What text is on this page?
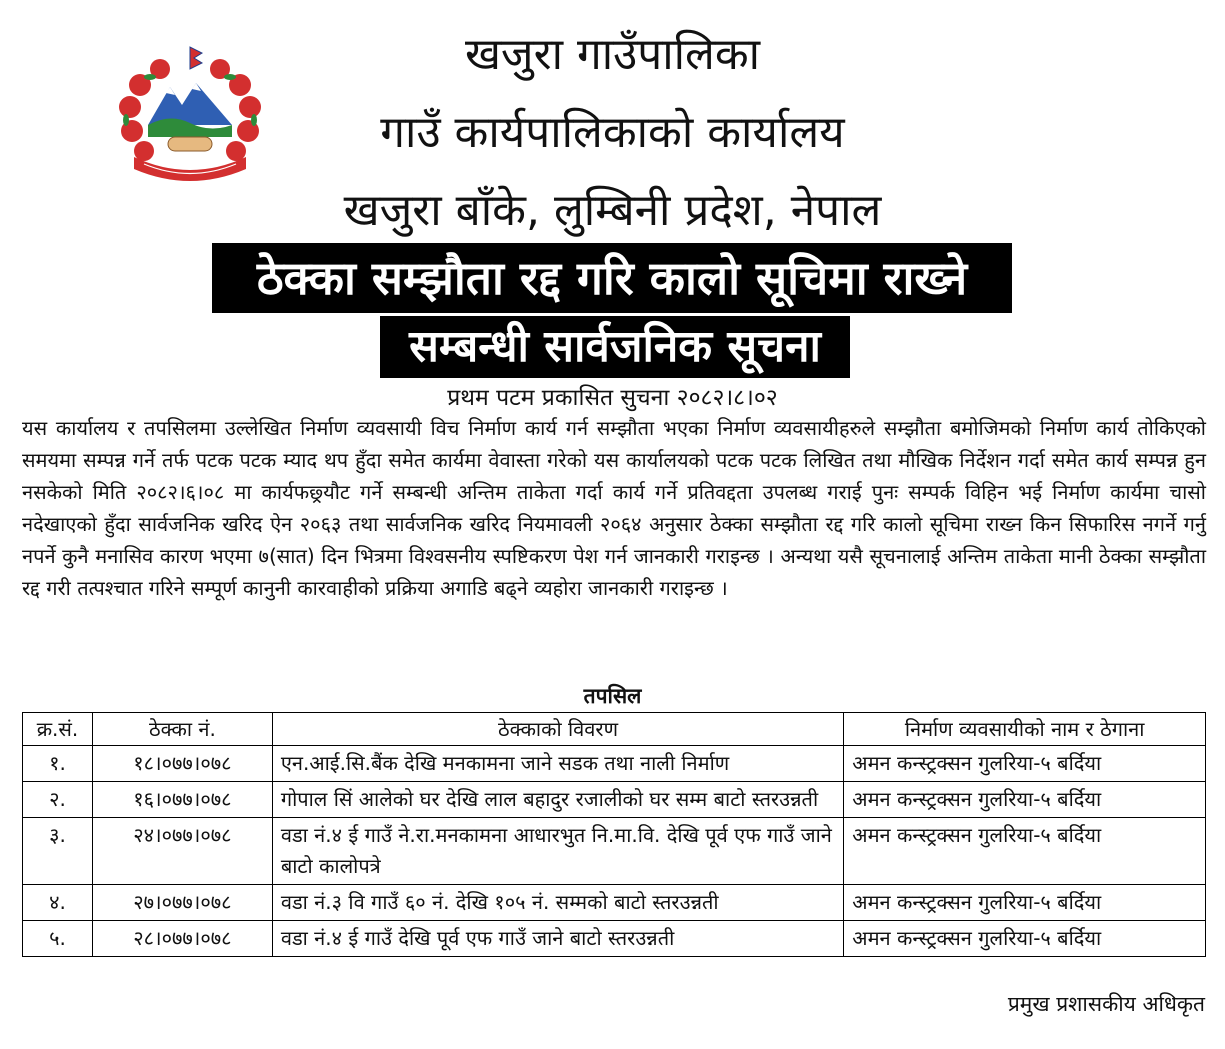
खजुरा गाउँपालिका
गाउँ कार्यपालिकाको कार्यालय
खजुरा बाँके, लुम्बिनी प्रदेश, नेपाल
ठेक्का सम्झौता रद्द गरि कालो सूचिमा राख्ने
सम्बन्धी सार्वजनिक सूचना
प्रथम पटम प्रकासित सुचना २०८२।८।०२
यस कार्यालय र तपसिलमा उल्लेखित निर्माण व्यवसायी विच निर्माण कार्य गर्न सम्झौता भएका निर्माण व्यवसायीहरुले सम्झौता बमोजिमको निर्माण कार्य तोकिएको समयमा सम्पन्न गर्ने तर्फ पटक पटक म्याद थप हुँदा समेत कार्यमा वेवास्ता गरेको यस कार्यालयको पटक पटक लिखित तथा मौखिक निर्देशन गर्दा समेत कार्य सम्पन्न हुन नसकेको मिति २०८२।६।०८ मा कार्यफछ्र्यौट गर्ने सम्बन्धी अन्तिम ताकेता गर्दा कार्य गर्ने प्रतिवद्दता उपलब्ध गराई पुनः सम्पर्क विहिन भई निर्माण कार्यमा चासो नदेखाएको हुँदा सार्वजनिक खरिद ऐन २०६३ तथा सार्वजनिक खरिद नियमावली २०६४ अनुसार ठेक्का सम्झौता रद्द गरि कालो सूचिमा राख्न किन सिफारिस नगर्ने गर्नु नपर्ने कुनै मनासिव कारण भएमा ७(सात) दिन भित्रमा विश्वसनीय स्पष्टिकरण पेश गर्न जानकारी गराइन्छ । अन्यथा यसै सूचनालाई अन्तिम ताकेता मानी ठेक्का सम्झौता रद्द गरी तत्पश्चात गरिने सम्पूर्ण कानुनी कारवाहीको प्रक्रिया अगाडि बढ्ने व्यहोरा जानकारी गराइन्छ ।
तपसिल
क्र.सं.	ठेक्का नं.	ठेक्काको विवरण	निर्माण व्यवसायीको नाम र ठेगाना
१.	१८।०७७।०७८	एन.आई.सि.बैंक देखि मनकामना जाने सडक तथा नाली निर्माण	अमन कन्स्ट्रक्सन गुलरिया-५ बर्दिया
२.	१६।०७७।०७८	गोपाल सिं आलेको घर देखि लाल बहादुर रजालीको घर सम्म बाटो स्तरउन्नती	अमन कन्स्ट्रक्सन गुलरिया-५ बर्दिया
३.	२४।०७७।०७८	वडा नं.४ ई गाउँ ने.रा.मनकामना आधारभुत नि.मा.वि. देखि पूर्व एफ गाउँ जाने बाटो कालोपत्रे	अमन कन्स्ट्रक्सन गुलरिया-५ बर्दिया
४.	२७।०७७।०७८	वडा नं.३ वि गाउँ ६० नं. देखि १०५ नं. सम्मको बाटो स्तरउन्नती	अमन कन्स्ट्रक्सन गुलरिया-५ बर्दिया
५.	२८।०७७।०७८	वडा नं.४ ई गाउँ देखि पूर्व एफ गाउँ जाने बाटो स्तरउन्नती	अमन कन्स्ट्रक्सन गुलरिया-५ बर्दिया
प्रमुख प्रशासकीय अधिकृत
